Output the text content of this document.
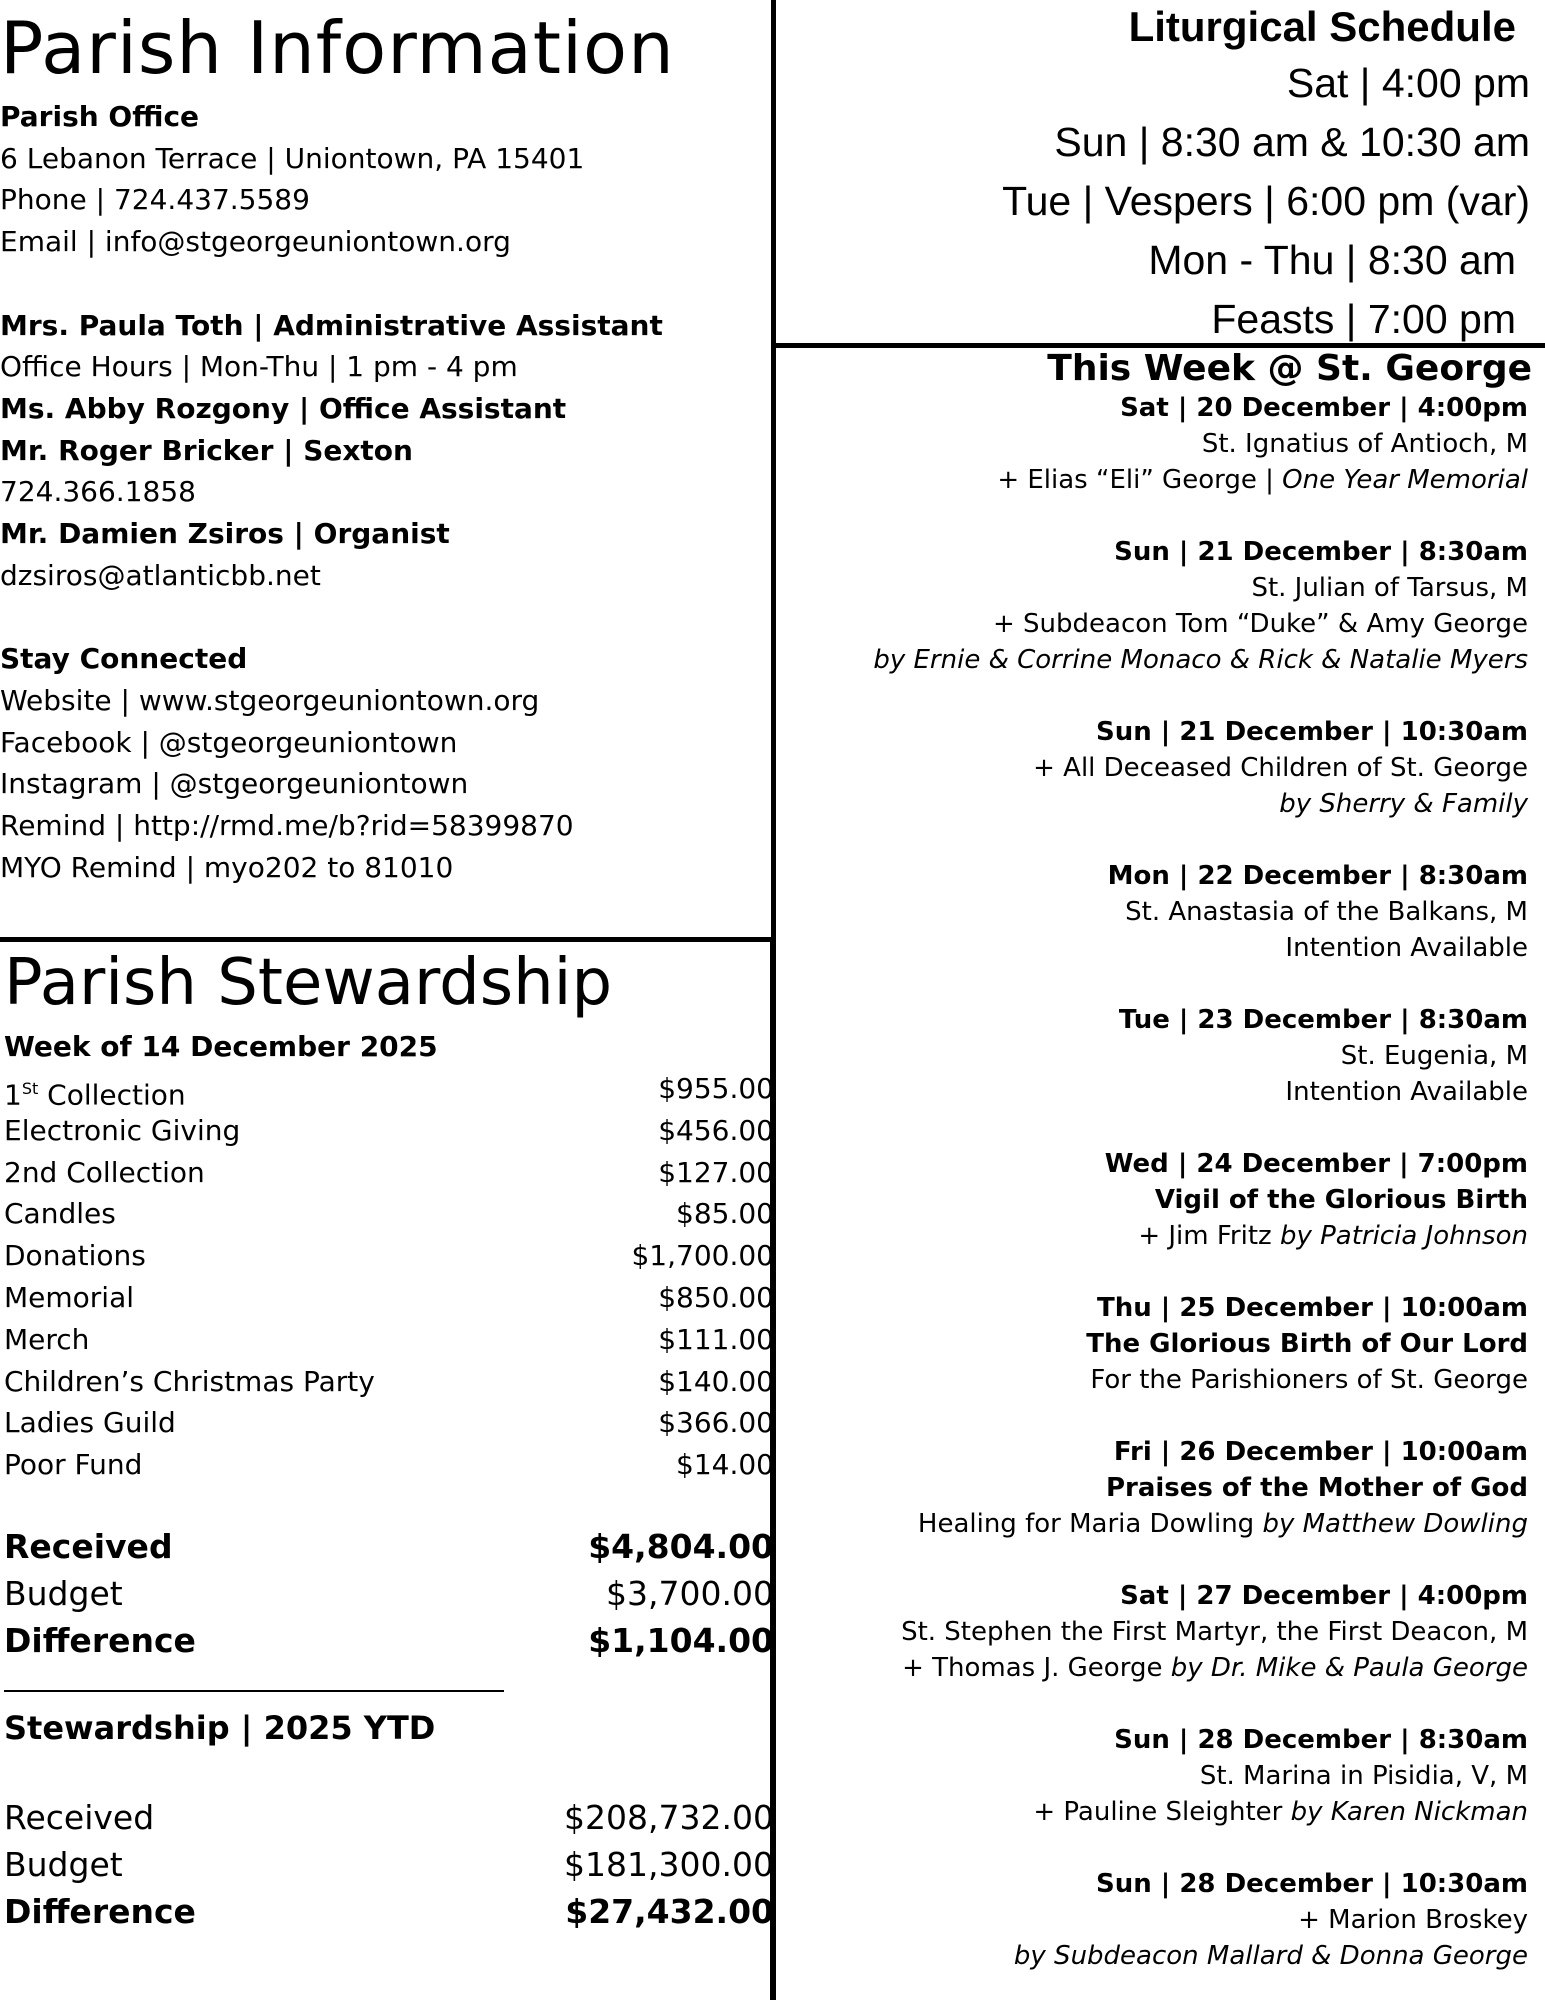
Parish Information
Parish Office
6 Lebanon Terrace | Uniontown, PA 15401
Phone | 724.437.5589
Email | info@stgeorgeuniontown.org
Mrs. Paula Toth | Administrative Assistant
Office Hours | Mon-Thu | 1 pm - 4 pm
Ms. Abby Rozgony | Office Assistant
Mr. Roger Bricker | Sexton
724.366.1858
Mr. Damien Zsiros | Organist
dzsiros@atlanticbb.net
Stay Connected
Website | www.stgeorgeuniontown.org
Facebook | @stgeorgeuniontown
Instagram | @stgeorgeuniontown
Remind | http://rmd.me/b?rid=58399870
MYO Remind | myo202 to 81010
Parish Stewardship
Week of 14 December 2025
1St Collection	$955.00
Electronic Giving	$456.00
2nd Collection	$127.00
Candles	$85.00
Donations	$1,700.00
Memorial	$850.00
Merch	$111.00
Children’s Christmas Party	$140.00
Ladies Guild	$366.00
Poor Fund	$14.00
Received	$4,804.00
Budget	$3,700.00
Difference	$1,104.00
Stewardship | 2025 YTD
Received	$208,732.00
Budget	$181,300.00
Difference	$27,432.00
Liturgical Schedule
Sat | 4:00 pm
Sun | 8:30 am & 10:30 am
Tue | Vespers | 6:00 pm (var)
Mon - Thu | 8:30 am
Feasts | 7:00 pm
This Week @ St. George
Sat | 20 December | 4:00pm
St. Ignatius of Antioch, M
+ Elias “Eli” George | One Year Memorial
Sun | 21 December | 8:30am
St. Julian of Tarsus, M
+ Subdeacon Tom “Duke” & Amy George
by Ernie & Corrine Monaco & Rick & Natalie Myers
Sun | 21 December | 10:30am
+ All Deceased Children of St. George
by Sherry & Family
Mon | 22 December | 8:30am
St. Anastasia of the Balkans, M
Intention Available
Tue | 23 December | 8:30am
St. Eugenia, M
Intention Available
Wed | 24 December | 7:00pm
Vigil of the Glorious Birth
+ Jim Fritz by Patricia Johnson
Thu | 25 December | 10:00am
The Glorious Birth of Our Lord
For the Parishioners of St. George
Fri | 26 December | 10:00am
Praises of the Mother of God
Healing for Maria Dowling by Matthew Dowling
Sat | 27 December | 4:00pm
St. Stephen the First Martyr, the First Deacon, M
+ Thomas J. George by Dr. Mike & Paula George
Sun | 28 December | 8:30am
St. Marina in Pisidia, V, M
+ Pauline Sleighter by Karen Nickman
Sun | 28 December | 10:30am
+ Marion Broskey
by Subdeacon Mallard & Donna George
